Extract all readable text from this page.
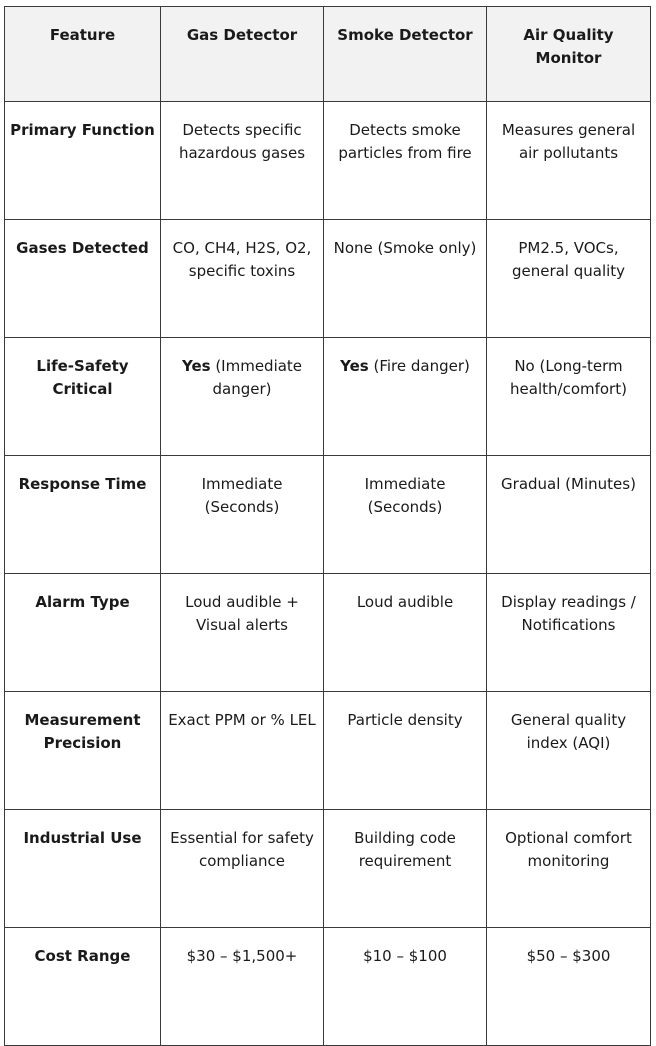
Feature	Gas Detector	Smoke Detector	Air Quality Monitor
Primary Function	Detects specific hazardous gases	Detects smoke particles from fire	Measures general air pollutants
Gases Detected	CO, CH4, H2S, O2, specific toxins	None (Smoke only)	PM2.5, VOCs, general quality
Life-Safety Critical	Yes (Immediate danger)	Yes (Fire danger)	No (Long-term health/comfort)
Response Time	Immediate (Seconds)	Immediate (Seconds)	Gradual (Minutes)
Alarm Type	Loud audible + Visual alerts	Loud audible	Display readings / Notifications
Measurement Precision	Exact PPM or % LEL	Particle density	General quality index (AQI)
Industrial Use	Essential for safety compliance	Building code requirement	Optional comfort monitoring
Cost Range	$30 – $1,500+	$10 – $100	$50 – $300
